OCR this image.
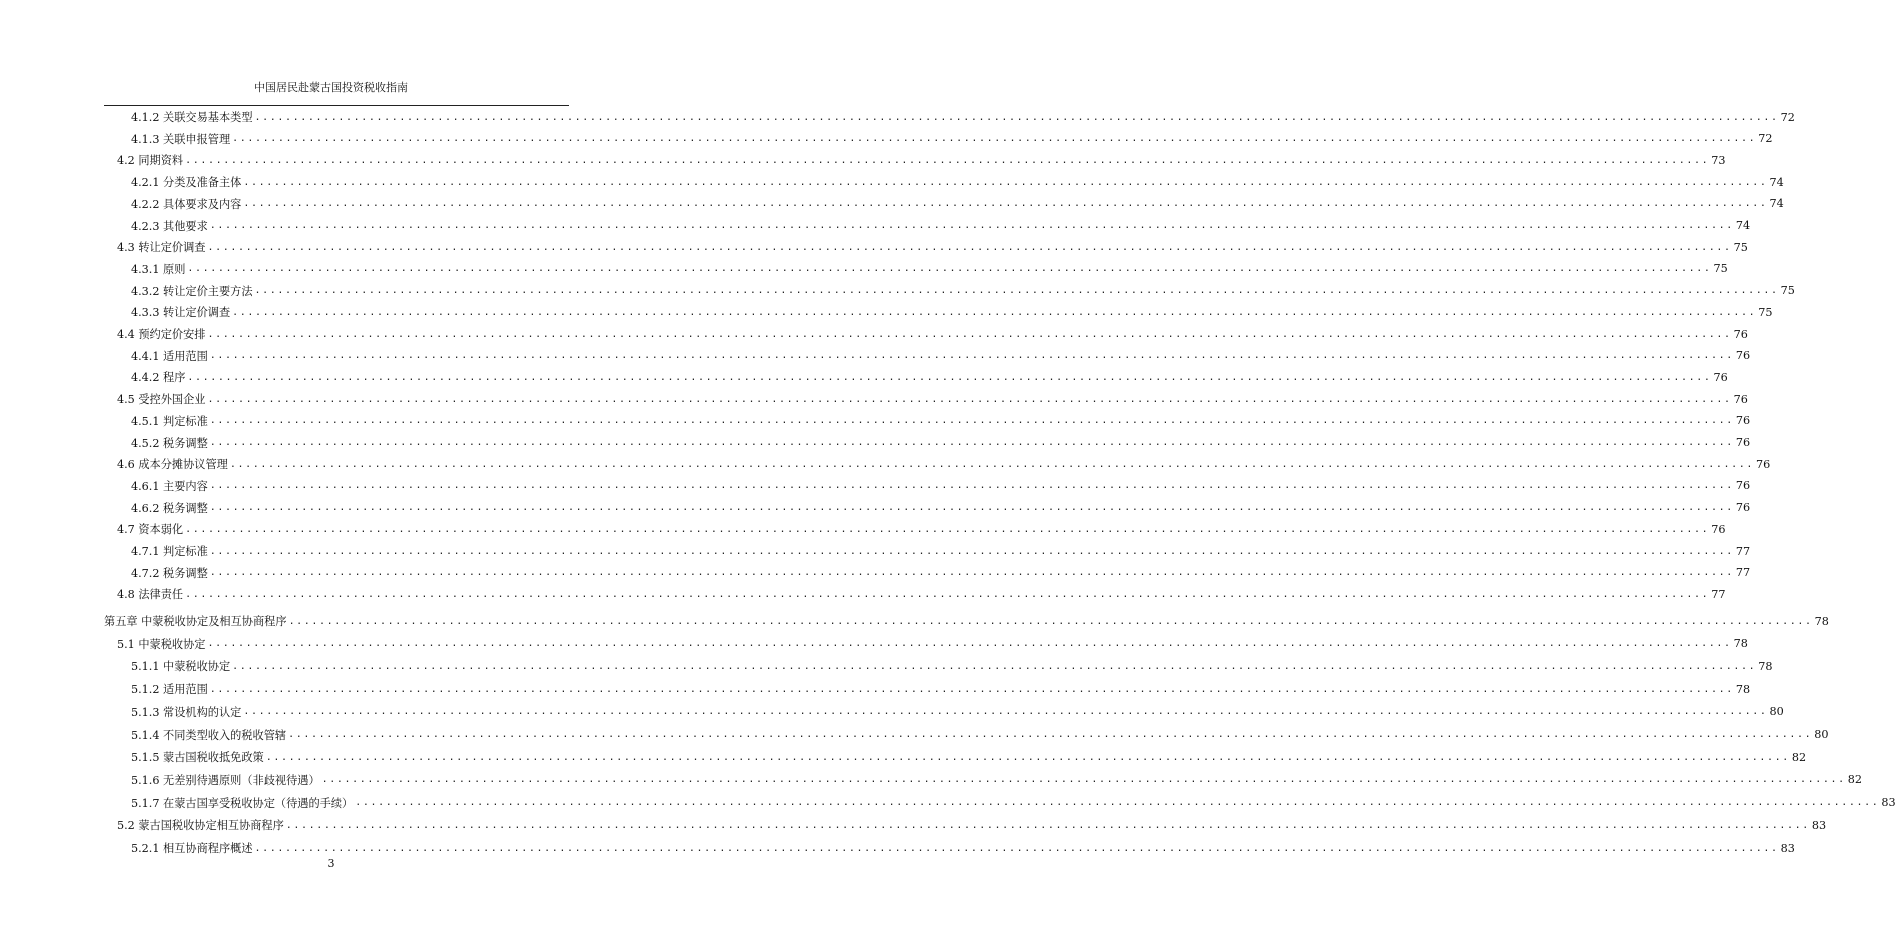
中国居民赴蒙古国投资税收指南
4.1.2 关联交易基本类型 ........................................................................................................................................................................................................ 72
4.1.3 关联申报管理 ........................................................................................................................................................................................................ 72
4.2 同期资料 ........................................................................................................................................................................................................ 73
4.2.1 分类及准备主体 ........................................................................................................................................................................................................ 74
4.2.2 具体要求及内容 ........................................................................................................................................................................................................ 74
4.2.3 其他要求 ........................................................................................................................................................................................................ 74
4.3 转让定价调查 ........................................................................................................................................................................................................ 75
4.3.1 原则 ........................................................................................................................................................................................................ 75
4.3.2 转让定价主要方法 ........................................................................................................................................................................................................ 75
4.3.3 转让定价调查 ........................................................................................................................................................................................................ 75
4.4 预约定价安排 ........................................................................................................................................................................................................ 76
4.4.1 适用范围 ........................................................................................................................................................................................................ 76
4.4.2 程序 ........................................................................................................................................................................................................ 76
4.5 受控外国企业 ........................................................................................................................................................................................................ 76
4.5.1 判定标准 ........................................................................................................................................................................................................ 76
4.5.2 税务调整 ........................................................................................................................................................................................................ 76
4.6 成本分摊协议管理 ........................................................................................................................................................................................................ 76
4.6.1 主要内容 ........................................................................................................................................................................................................ 76
4.6.2 税务调整 ........................................................................................................................................................................................................ 76
4.7 资本弱化 ........................................................................................................................................................................................................ 76
4.7.1 判定标准 ........................................................................................................................................................................................................ 77
4.7.2 税务调整 ........................................................................................................................................................................................................ 77
4.8 法律责任 ........................................................................................................................................................................................................ 77
第五章 中蒙税收协定及相互协商程序 ........................................................................................................................................................................................................ 78
5.1 中蒙税收协定 ........................................................................................................................................................................................................ 78
5.1.1 中蒙税收协定 ........................................................................................................................................................................................................ 78
5.1.2 适用范围 ........................................................................................................................................................................................................ 78
5.1.3 常设机构的认定 ........................................................................................................................................................................................................ 80
5.1.4 不同类型收入的税收管辖 ........................................................................................................................................................................................................ 80
5.1.5 蒙古国税收抵免政策 ........................................................................................................................................................................................................ 82
5.1.6 无差别待遇原则（非歧视待遇） ........................................................................................................................................................................................................ 82
5.1.7 在蒙古国享受税收协定（待遇的手续） ........................................................................................................................................................................................................ 83
5.2 蒙古国税收协定相互协商程序 ........................................................................................................................................................................................................ 83
5.2.1 相互协商程序概述 ........................................................................................................................................................................................................ 83
3
